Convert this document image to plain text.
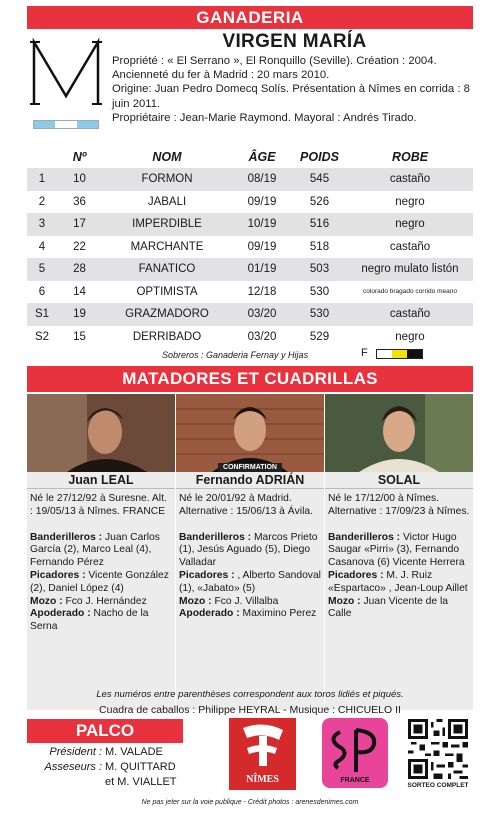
GANADERIA
VIRGEN MARÍA

Propriété : « El Serrano », El Ronquillo (Seville). Création : 2004.

Ancienneté du fer à Madrid : 20 mars 2010.

Origine: Juan Pedro Domecq Solís. Présentation à Nîmes en corrida : 8 juin 2011.

Propriétaire : Jean-Marie Raymond. Mayoral : Andrés Tirado.

	Nº	NOM	ÂGE	POIDS	ROBE
1	10	FORMON	08/19	545	castaño
2	36	JABALI	09/19	526	negro
3	17	IMPERDIBLE	10/19	516	negro
4	22	MARCHANTE	09/19	518	castaño
5	28	FANATICO	01/19	503	negro mulato listón
6	14	OPTIMISTA	12/18	530	colorado bragado corrido meano
S1	19	GRAZMADORO	03/20	530	castaño
S2	15	DERRIBADO	03/20	529	negro
Sobreros : Ganaderia Fernay y Hijas	F
MATADORES ET CUADRILLAS
Juan LEAL
Né le 27/12/92 à Suresne. Alt. : 19/05/13 à Nîmes. FRANCE
Banderilleros : Juan Carlos García (2), Marco Leal (4), Fernando Pérez
Picadores : Vicente González (2), Daniel López (4)
Mozo : Fco J. Hernández
Apoderado : Nacho de la Serna
CONFIRMATION
Fernando ADRIÁN
Né le 20/01/92 à Madrid. Alternative : 15/06/13 à Ávila.
Banderilleros : Marcos Prieto (1), Jesús Aguado (5), Diego Valladar
Picadores : , Alberto Sandoval (1), «Jabato» (5)
Mozo : Fco J. Villalba
Apoderado : Maximino Perez
SOLAL
Né le 17/12/00 à Nîmes. Alternative : 17/09/23 à Nîmes.
Banderilleros : Victor Hugo Saugar «Pirri» (3), Fernando Casanova (6) Vicente Herrera
Picadores : M. J. Ruiz «Espartaco» , Jean-Loup Aillet
Mozo : Juan Vicente de la Calle
Les numéros entre parenthèses correspondent aux toros lidiés et piqués.
Cuadra de caballos : Philippe HEYRAL - Musique : CHICUELO II
PALCO
Président : M. VALADE
Asseseurs : M. QUITTARD
et M. VIALLET	NÎMES	FRANCE
SORTEO COMPLET
Ne pas jeter sur la voie publique - Crédit photos : arenesdenimes.com
